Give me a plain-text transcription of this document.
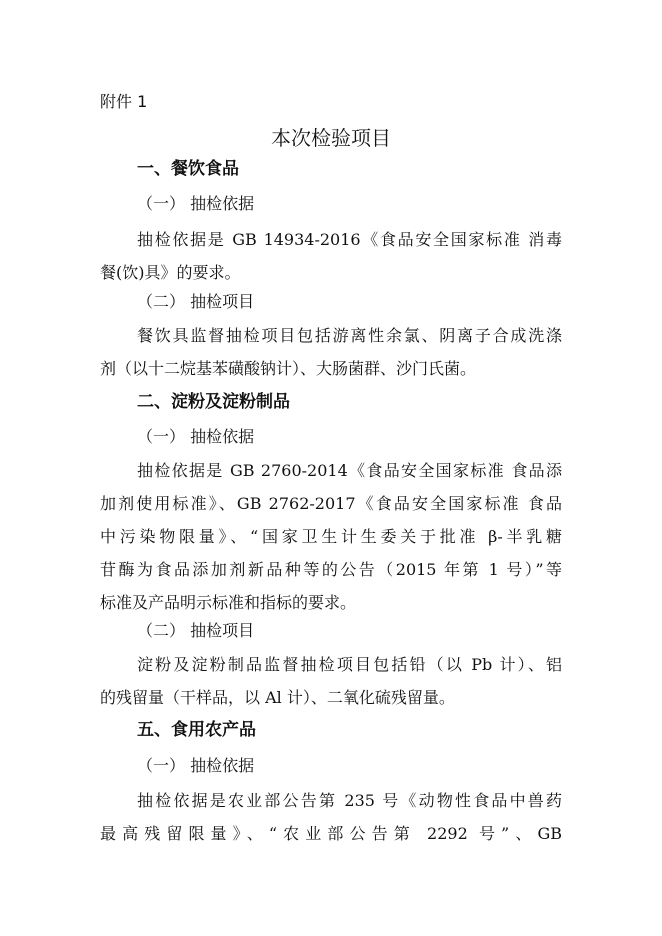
附件 1
本次检验项目
一、餐饮食品
（一） 抽检依据

抽检依据是 GB 14934-2016《食品安全国家标准 消毒
餐(饮)具》的要求。

（二） 抽检项目

餐饮具监督抽检项目包括游离性余氯、阴离子合成洗涤
剂（以十二烷基苯磺酸钠计）、大肠菌群、沙门氏菌。

二、淀粉及淀粉制品
（一） 抽检依据

抽检依据是 GB 2760-2014《食品安全国家标准 食品添
加剂使用标准》、GB 2762-2017《食品安全国家标准 食品
中污染物限量》、“国家卫生计生委关于批准 β-半乳糖
苷酶为食品添加剂新品种等的公告（2015 年第 1 号）”等
标准及产品明示标准和指标的要求。

（二） 抽检项目

淀粉及淀粉制品监督抽检项目包括铅（以 Pb 计）、铝
的残留量（干样品，以 Al 计）、二氧化硫残留量。

五、食用农产品
（一） 抽检依据

抽检依据是农业部公告第 235 号《动物性食品中兽药
最高残留限量》、“农业部公告第 2292 号”、GB
